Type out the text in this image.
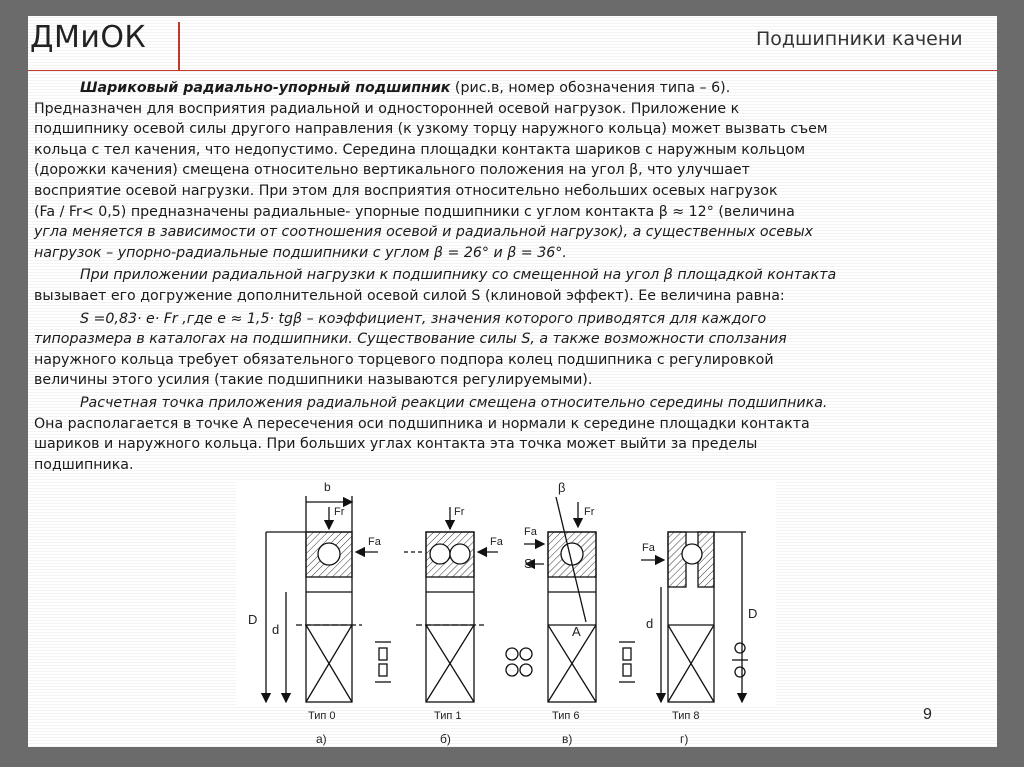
ДМиОК	Подшипники качени

Шариковый радиально-упорный подшипник (рис.в, номер обозначения типа – 6).
Предназначен для восприятия радиальной и односторонней осевой нагрузок. Приложение к
подшипнику осевой силы другого направления (к узкому торцу наружного кольца) может вызвать съем
кольца с тел качения, что недопустимо. Середина площадки контакта шариков с наружным кольцом
(дорожки качения) смещена относительно вертикального положения на угол β, что улучшает
восприятие осевой нагрузки. При этом для восприятия относительно небольших осевых нагрузок
(Fa / Fr< 0,5) предназначены радиальные- упорные подшипники с углом контакта β ≈ 12° (величина
угла меняется в зависимости от соотношения осевой и радиальной нагрузок), а существенных осевых
нагрузок – упорно-радиальные подшипники с углом β = 26° и β = 36°.

При приложении радиальной нагрузки к подшипнику со смещенной на угол β площадкой контакта
вызывает его догружение дополнительной осевой силой S (клиновой эффект). Ее величина равна:

S =0,83· e· Fr ,где e ≈ 1,5· tgβ – коэффициент, значения которого приводятся для каждого
типоразмера в каталогах на подшипники. Существование силы S, а также возможности сползания
наружного кольца требует обязательного торцевого подпора колец подшипника с регулировкой
величины этого усилия (такие подшипники называются регулируемыми).

Расчетная точка приложения радиальной реакции смещена относительно середины подшипника.
Она располагается в точке А пересечения оси подшипника и нормали к середине площадки контакта
шариков и наружного кольца. При больших углах контакта эта точка может выйти за пределы
подшипника.

b
Fr
Fa
D
d
Fr
Fa
β
Fr
Fa
S
A
Fa
d
D
Тип 0	Тип 1	Тип 6	Тип 8
а)	б)	в)	г)
9
